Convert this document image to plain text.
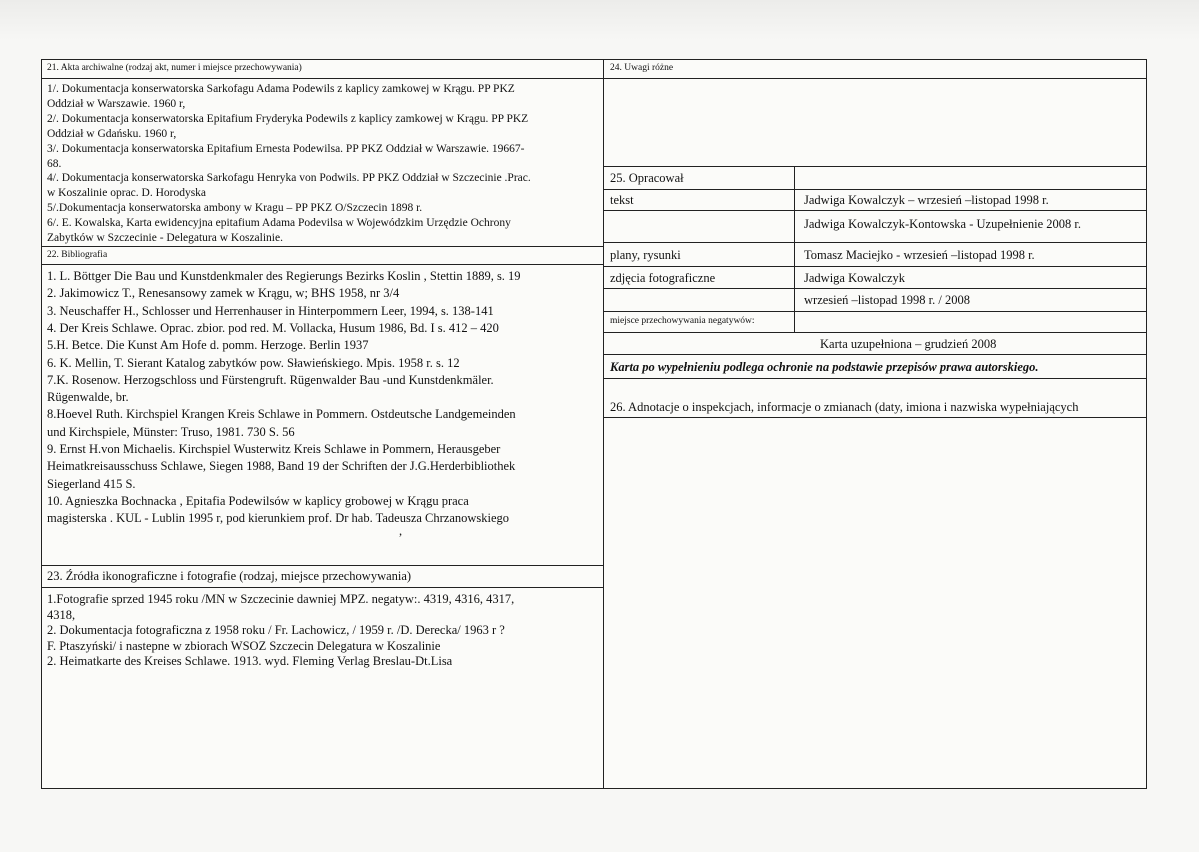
21. Akta archiwalne (rodzaj akt, numer i miejsce przechowywania)
1/. Dokumentacja konserwatorska Sarkofagu Adama Podewils z kaplicy zamkowej w Krągu. PP PKZ
Oddział w Warszawie. 1960 r,
2/. Dokumentacja konserwatorska Epitafium Fryderyka Podewils z kaplicy zamkowej w Krągu. PP PKZ
Oddział w Gdańsku. 1960 r,
3/. Dokumentacja konserwatorska Epitafium Ernesta Podewilsa. PP PKZ Oddział w Warszawie. 19667-
68.
4/. Dokumentacja konserwatorska Sarkofagu Henryka von Podwils. PP PKZ Oddział w Szczecinie .Prac.
w Koszalinie oprac. D. Horodyska
5/.Dokumentacja konserwatorska ambony w Kragu – PP PKZ O/Szczecin 1898 r.
6/. E. Kowalska, Karta ewidencyjna epitafium Adama Podevilsa w Wojewódzkim Urzędzie Ochrony
Zabytków w Szczecinie - Delegatura w Koszalinie.
22. Bibliografia
1. L. Böttger Die Bau und Kunstdenkmaler des Regierungs Bezirks Koslin , Stettin 1889, s. 19
2. Jakimowicz T., Renesansowy zamek w Krągu, w; BHS 1958, nr 3/4
3. Neuschaffer H., Schlosser und Herrenhauser in Hinterpommern Leer, 1994, s. 138-141
4. Der Kreis Schlawe. Oprac. zbior. pod red. M. Vollacka, Husum 1986, Bd. I s. 412 – 420
5.H. Betce. Die Kunst Am Hofe d. pomm. Herzoge. Berlin 1937
6. K. Mellin, T. Sierant Katalog zabytków pow. Sławieńskiego. Mpis. 1958 r. s. 12
7.K. Rosenow. Herzogschloss und Fürstengruft. Rügenwalder Bau -und Kunstdenkmäler.
Rügenwalde, br.
8.Hoevel Ruth. Kirchspiel Krangen Kreis Schlawe in Pommern. Ostdeutsche Landgemeinden
und Kirchspiele, Münster: Truso, 1981. 730 S. 56
9. Ernst H.von Michaelis. Kirchspiel Wusterwitz Kreis Schlawe in Pommern, Herausgeber
Heimatkreisausschuss Schlawe, Siegen 1988, Band 19 der Schriften der J.G.Herderbibliothek
Siegerland 415 S.
10. Agnieszka Bochnacka , Epitafia Podewilsów w kaplicy grobowej w Krągu praca
magisterska . KUL - Lublin 1995 r, pod kierunkiem prof. Dr hab. Tadeusza Chrzanowskiego
,
23. Źródła ikonograficzne i fotografie (rodzaj, miejsce przechowywania)
1.Fotografie sprzed 1945 roku /MN w Szczecinie dawniej MPZ. negatyw:. 4319, 4316, 4317,
4318,
2. Dokumentacja fotograficzna z 1958 roku / Fr. Lachowicz, / 1959 r. /D. Derecka/ 1963 r ?
F. Ptaszyński/ i nastepne w zbiorach WSOZ Szczecin Delegatura w Koszalinie
2. Heimatkarte des Kreises Schlawe. 1913. wyd. Fleming Verlag Breslau-Dt.Lisa
24. Uwagi różne
25. Opracował
tekst	Jadwiga Kowalczyk – wrzesień –listopad 1998 r.
Jadwiga Kowalczyk-Kontowska - Uzupełnienie 2008 r.
plany, rysunki	Tomasz Maciejko - wrzesień –listopad 1998 r.
zdjęcia fotograficzne	Jadwiga Kowalczyk
wrzesień –listopad 1998 r. / 2008
miejsce przechowywania negatywów:
Karta uzupełniona – grudzień 2008
Karta po wypełnieniu podlega ochronie na podstawie przepisów prawa autorskiego.
26. Adnotacje o inspekcjach, informacje o zmianach (daty, imiona i nazwiska wypełniających
